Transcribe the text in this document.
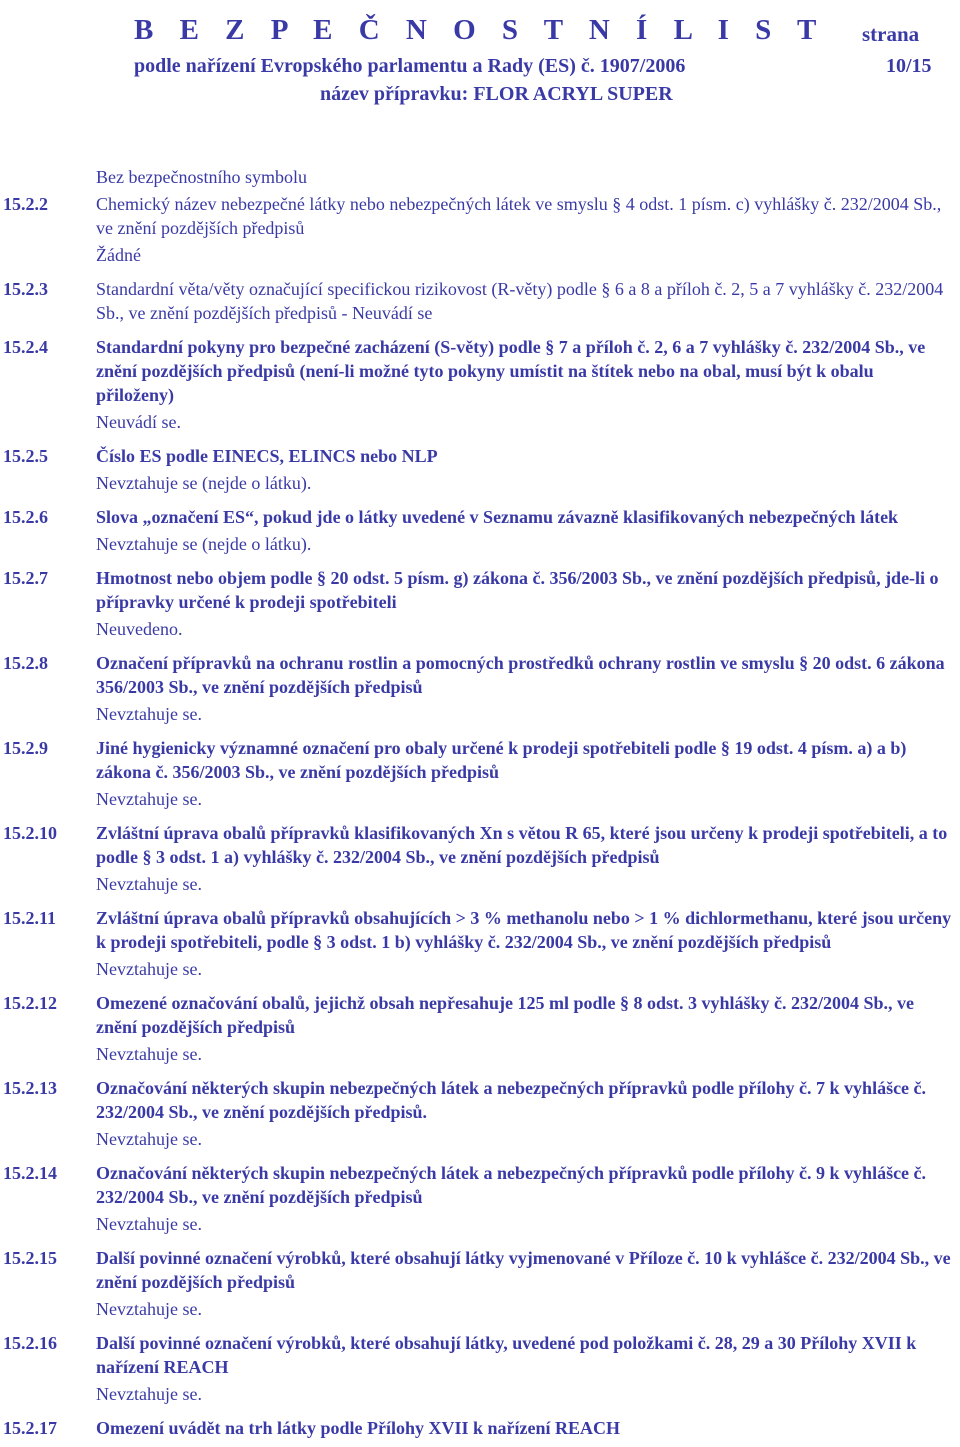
B E Z P E Č N O S T N Í L I S T strana
podle nařízení Evropského parlamentu a Rady (ES) č. 1907/2006	10/15
název přípravku: FLOR ACRYL SUPER
Bez bezpečnostního symbolu
15.2.2	Chemický název nebezpečné látky nebo nebezpečných látek ve smyslu § 4 odst. 1 písm. c) vyhlášky č. 232/2004 Sb., ve znění pozdějších předpisů
Žádné
15.2.3	Standardní věta/věty označující specifickou rizikovost (R-věty) podle § 6 a 8 a příloh č. 2, 5 a 7 vyhlášky č. 232/2004 Sb., ve znění pozdějších předpisů - Neuvádí se
15.2.4	Standardní pokyny pro bezpečné zacházení (S-věty) podle § 7 a příloh č. 2, 6 a 7 vyhlášky č. 232/2004 Sb., ve znění pozdějších předpisů (není-li možné tyto pokyny umístit na štítek nebo na obal, musí být k obalu přiloženy)
Neuvádí se.
15.2.5	Číslo ES podle EINECS, ELINCS nebo NLP
Nevztahuje se (nejde o látku).
15.2.6	Slova „označení ES“, pokud jde o látky uvedené v Seznamu závazně klasifikovaných nebezpečných látek
Nevztahuje se (nejde o látku).
15.2.7	Hmotnost nebo objem podle § 20 odst. 5 písm. g) zákona č. 356/2003 Sb., ve znění pozdějších předpisů, jde-li o přípravky určené k prodeji spotřebiteli
Neuvedeno.
15.2.8	Označení přípravků na ochranu rostlin a pomocných prostředků ochrany rostlin ve smyslu § 20 odst. 6 zákona 356/2003 Sb., ve znění pozdějších předpisů
Nevztahuje se.
15.2.9	Jiné hygienicky významné označení pro obaly určené k prodeji spotřebiteli podle § 19 odst. 4 písm. a) a b) zákona č. 356/2003 Sb., ve znění pozdějších předpisů
Nevztahuje se.
15.2.10	Zvláštní úprava obalů přípravků klasifikovaných Xn s větou R 65, které jsou určeny k prodeji spotřebiteli, a to podle § 3 odst. 1 a) vyhlášky č. 232/2004 Sb., ve znění pozdějších předpisů
Nevztahuje se.
15.2.11	Zvláštní úprava obalů přípravků obsahujících > 3 % methanolu nebo > 1 % dichlormethanu, které jsou určeny k prodeji spotřebiteli, podle § 3 odst. 1 b) vyhlášky č. 232/2004 Sb., ve znění pozdějších předpisů
Nevztahuje se.
15.2.12	Omezené označování obalů, jejichž obsah nepřesahuje 125 ml podle § 8 odst. 3 vyhlášky č. 232/2004 Sb., ve znění pozdějších předpisů
Nevztahuje se.
15.2.13	Označování některých skupin nebezpečných látek a nebezpečných přípravků podle přílohy č. 7 k vyhlášce č. 232/2004 Sb., ve znění pozdějších předpisů.
Nevztahuje se.
15.2.14	Označování některých skupin nebezpečných látek a nebezpečných přípravků podle přílohy č. 9 k vyhlášce č. 232/2004 Sb., ve znění pozdějších předpisů
Nevztahuje se.
15.2.15	Další povinné označení výrobků, které obsahují látky vyjmenované v Příloze č. 10 k vyhlášce č. 232/2004 Sb., ve znění pozdějších předpisů
Nevztahuje se.
15.2.16	Další povinné označení výrobků, které obsahují látky, uvedené pod položkami č. 28, 29 a 30 Přílohy XVII k nařízení REACH
Nevztahuje se.
15.2.17	Omezení uvádět na trh látky podle Přílohy XVII k nařízení REACH
